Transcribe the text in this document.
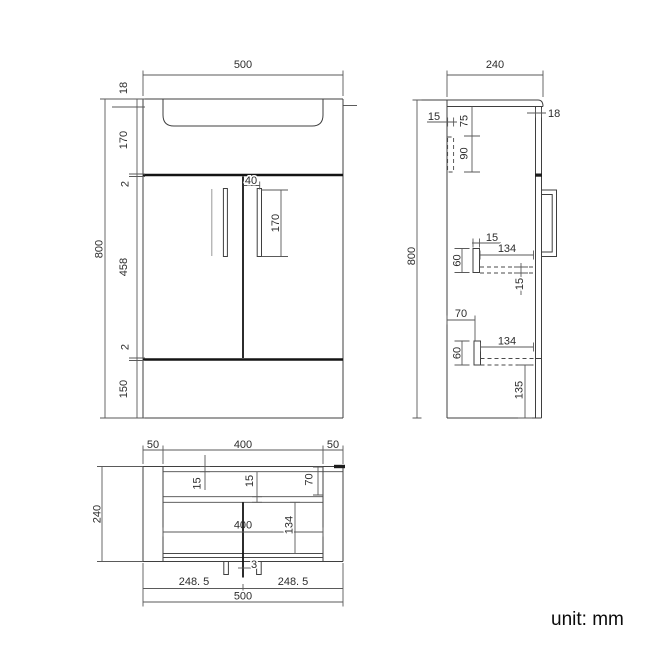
500
800
18
170
2
458
2
150
40
170
240
800
15 75
90
18
15
60
134
15
70
60
134
135
50	400	50
240
15	15	70
400	134
3
248. 5	248. 5
500
unit: mm
